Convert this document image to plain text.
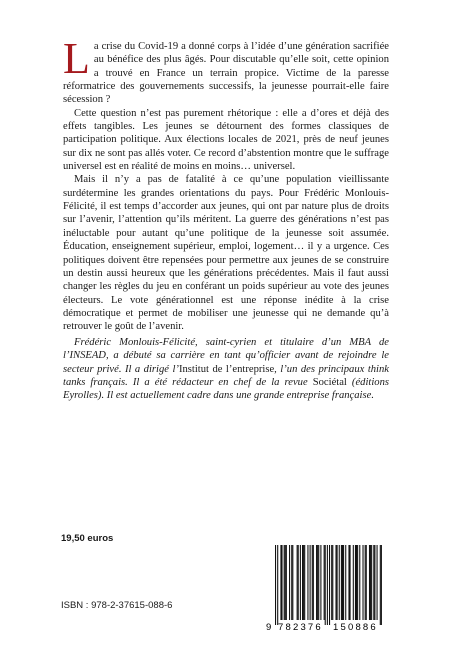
La crise du Covid-19 a donné corps à l’idée d’une génération sacrifiée au bénéfice des plus âgés. Pour discutable qu’elle soit, cette opinion a trouvé en France un terrain propice. Victime de la paresse réformatrice des gouvernements successifs, la jeunesse pourrait-elle faire sécession ?

Cette question n’est pas purement rhétorique : elle a d’ores et déjà des effets tangibles. Les jeunes se détournent des formes classiques de participation politique. Aux élections locales de 2021, près de neuf jeunes sur dix ne sont pas allés voter. Ce record d’abstention montre que le suffrage universel est en réalité de moins en moins… universel.

Mais il n’y a pas de fatalité à ce qu’une population vieillissante surdétermine les grandes orientations du pays. Pour Frédéric Monlouis-Félicité, il est temps d’accorder aux jeunes, qui ont par nature plus de droits sur l’avenir, l’attention qu’ils méritent. La guerre des générations n’est pas inéluctable pour autant qu’une politique de la jeunesse soit assumée. Éducation, enseignement supérieur, emploi, logement… il y a urgence. Ces politiques doivent être repensées pour permettre aux jeunes de se construire un destin aussi heureux que les générations précédentes. Mais il faut aussi changer les règles du jeu en conférant un poids supérieur au vote des jeunes électeurs. Le vote générationnel est une réponse inédite à la crise démocratique et permet de mobiliser une jeunesse qui ne demande qu’à retrouver le goût de l’avenir.

Frédéric Monlouis-Félicité, saint-cyrien et titulaire d’un MBA de l’INSEAD, a débuté sa carrière en tant qu’officier avant de rejoindre le secteur privé. Il a dirigé l’Institut de l’entreprise, l’un des principaux think tanks français. Il a été rédacteur en chef de la revue Sociétal (éditions Eyrolles). Il est actuellement cadre dans une grande entreprise française.

19,50 euros
ISBN : 978-2-37615-088-6
9 782376 150886
